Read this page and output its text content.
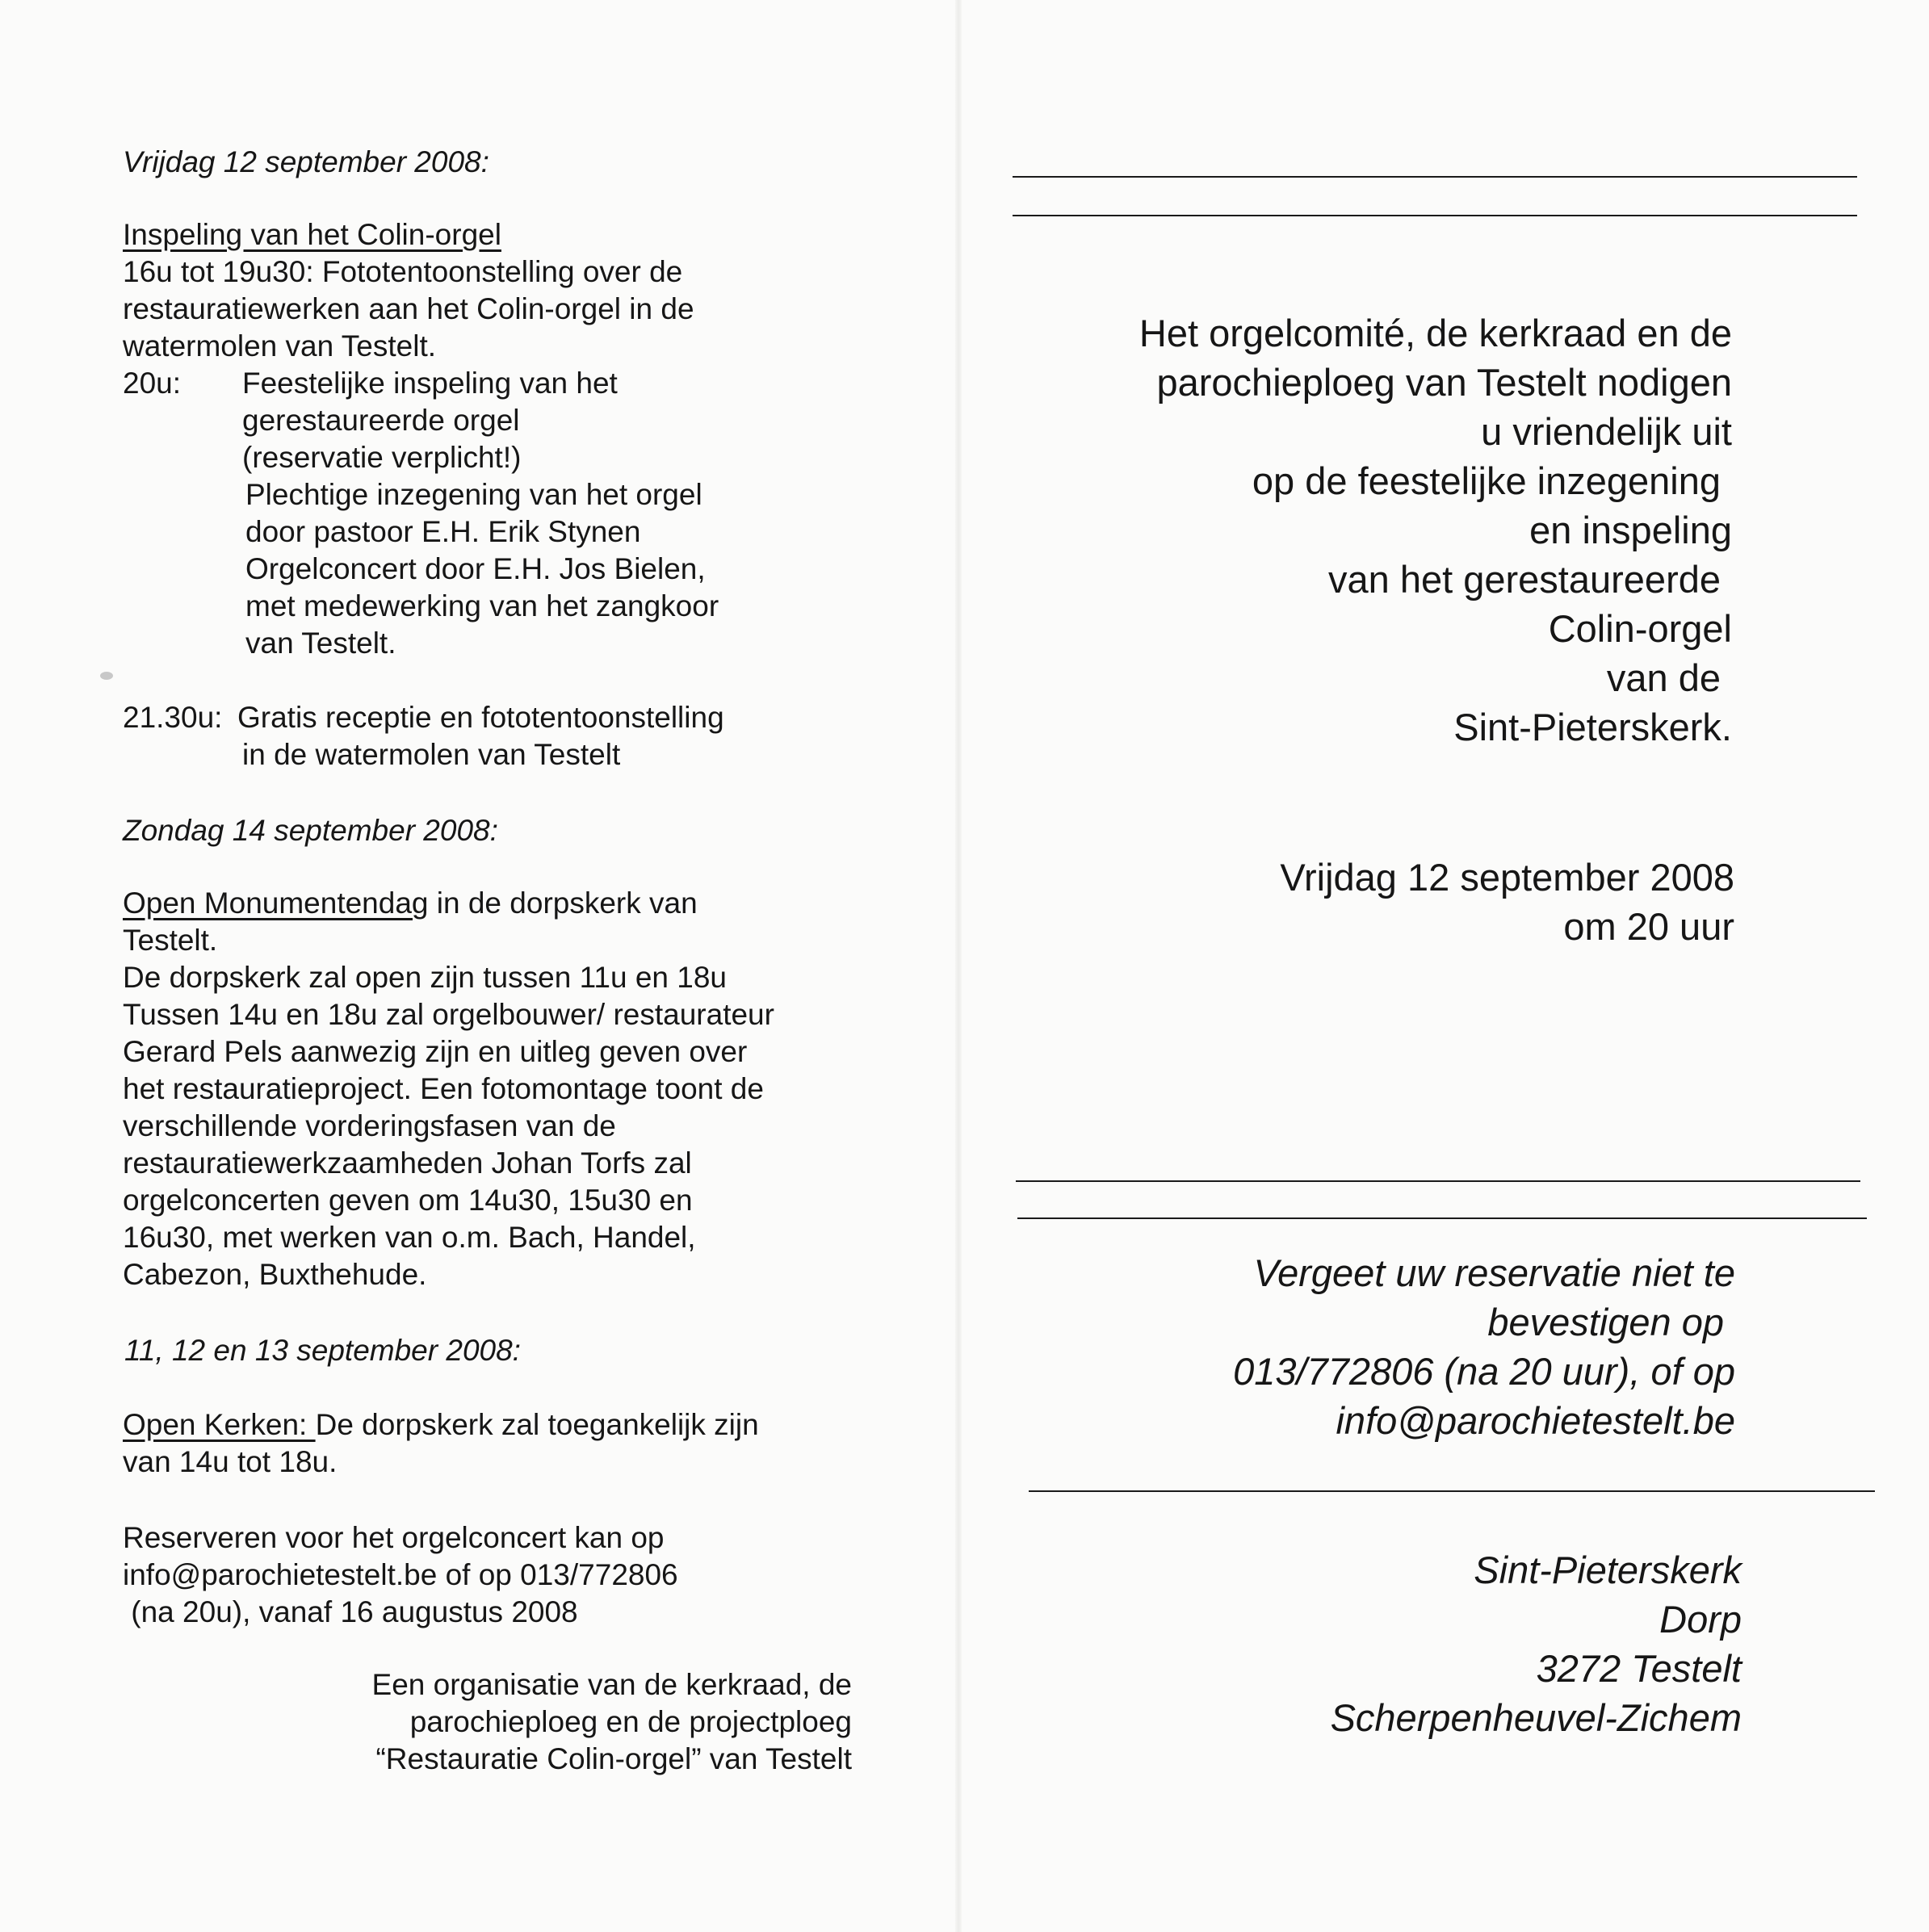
Vrijdag 12 september 2008:
Inspeling van het Colin-orgel
16u tot 19u30: Fototentoonstelling over de
restauratiewerken aan het Colin-orgel in de
watermolen van Testelt.
20u: Feestelijke inspeling van het
gerestaureerde orgel
(reservatie verplicht!)
Plechtige inzegening van het orgel
door pastoor E.H. Erik Stynen
Orgelconcert door E.H. Jos Bielen,
met medewerking van het zangkoor
van Testelt.
21.30u: Gratis receptie en fototentoonstelling
in de watermolen van Testelt
Zondag 14 september 2008:
Open Monumentendag in de dorpskerk van
Testelt.
De dorpskerk zal open zijn tussen 11u en 18u
Tussen 14u en 18u zal orgelbouwer/ restaurateur
Gerard Pels aanwezig zijn en uitleg geven over
het restauratieproject. Een fotomontage toont de
verschillende vorderingsfasen van de
restauratiewerkzaamheden Johan Torfs zal
orgelconcerten geven om 14u30, 15u30 en
16u30, met werken van o.m. Bach, Handel,
Cabezon, Buxthehude.
11, 12 en 13 september 2008:
Open Kerken: De dorpskerk zal toegankelijk zijn
van 14u tot 18u.
Reserveren voor het orgelconcert kan op
info@parochietestelt.be of op 013/772806
(na 20u), vanaf 16 augustus 2008
Een organisatie van de kerkraad, de
parochieploeg en de projectploeg
“Restauratie Colin-orgel” van Testelt
Het orgelcomité, de kerkraad en de
parochieploeg van Testelt nodigen
u vriendelijk uit
op de feestelijke inzegening
en inspeling
van het gerestaureerde
Colin-orgel
van de
Sint-Pieterskerk.
Vrijdag 12 september 2008
om 20 uur
Vergeet uw reservatie niet te
bevestigen op
013/772806 (na 20 uur), of op
info@parochietestelt.be
Sint-Pieterskerk
Dorp
3272 Testelt
Scherpenheuvel-Zichem
